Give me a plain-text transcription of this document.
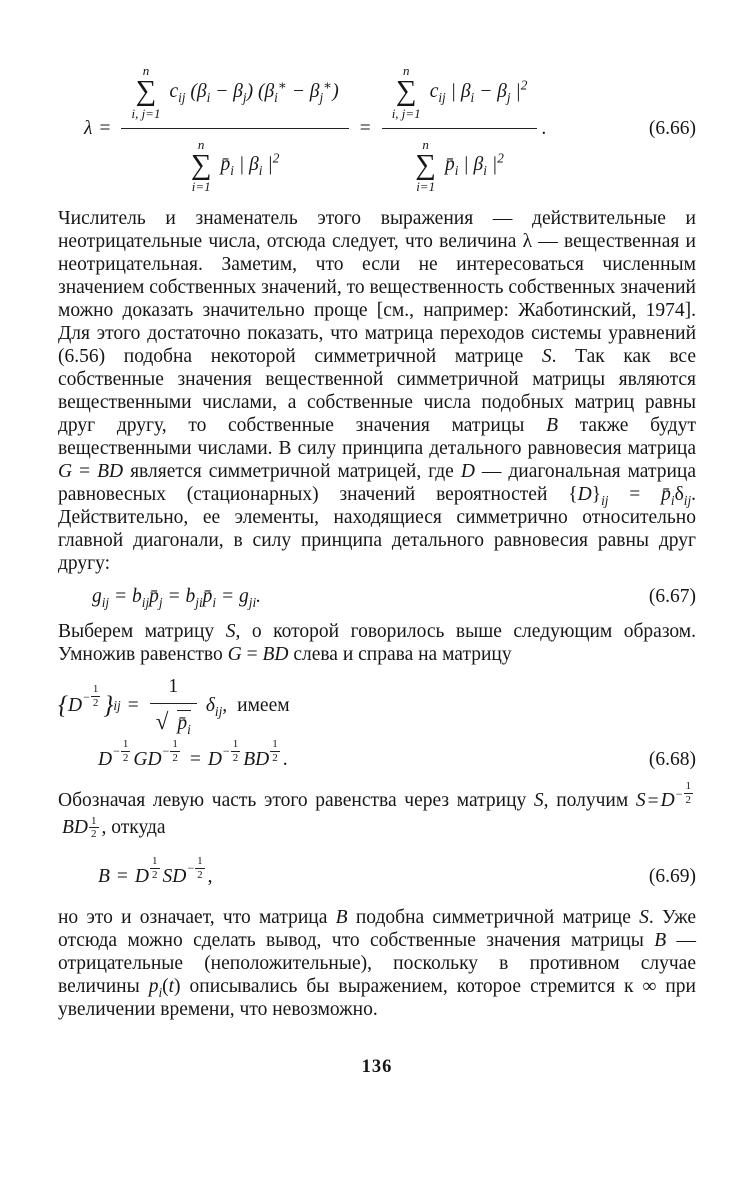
λ =
n
∑
i, j=1
$c_{ij}$ $(\beta_i - \beta_j) (\beta_i^∗ - \beta_j^∗)$
n
∑
i=1
$p̄_i$ | $\beta_i$ $|^2$
=
n
∑
i, j=1
$c_{ij}$ | $\beta_i - \beta_j$ $|^2$
n
∑
i=1
$p̄_i$ | $\beta_i$ $|^2$
.	(6.66)

Числитель и знаменатель этого выражения — действительные и неотрицательные числа, отсюда следует, что величина λ — вещественная и неотрицательная. Заметим, что если не интересоваться численным значением собственных значений, то вещественность собственных значений можно доказать значительно проще [см., например: Жаботинский, 1974]. Для этого достаточно показать, что матрица переходов системы уравнений (6.56) подобна некоторой симметричной матрице S. Так как все собственные значения вещественной симметричной матрицы являются вещественными числами, а собственные числа подобных матриц равны друг другу, то собственные значения матрицы B также будут вещественными числами. В силу принципа детального равновесия матрица G = BD является симметричной матрицей, где D — диагональная матрица равновесных (стационарных) значений вероятностей $\{D\}_{ij}$ = $p̄_i\delta_{ij}$. Действительно, ее элементы, находящиеся симметрично относительно главной диагонали, в силу принципа детального равновесия равны друг другу:

$g_{ij}$ = $b_{ij}p̄_j$ = $b_{ji}p̄_i = g_{ji}$.	(6.67)

Выберем матрицу S, о которой говорилось выше следующим образом. Умножив равенство G = BD слева и справа на матрицу

{ $D - \frac{1}{2}$ } ij = $\frac{1}{√ p̄_i} \delta_{ij}$, имеем
$D - \frac{1}{2}$ GD − $\frac{1}{2} = D - \frac{1}{2}$ BD
1
2 .	(6.68)

Обозначая левую часть этого равенства через матрицу S, получим $S = D - \frac{1}{2}$
BD 1
2 , откуда

B = D
1
2 SD − $\frac{1}{2}$ ,	(6.69)

но это и означает, что матрица B подобна симметричной матрице S. Уже отсюда можно сделать вывод, что собственные значения матрицы B — отрицательные (неположительные), поскольку в противном случае величины $p_i(t)$ описывались бы выражением, которое стремится к ∞ при увеличении времени, что невозможно.

136
